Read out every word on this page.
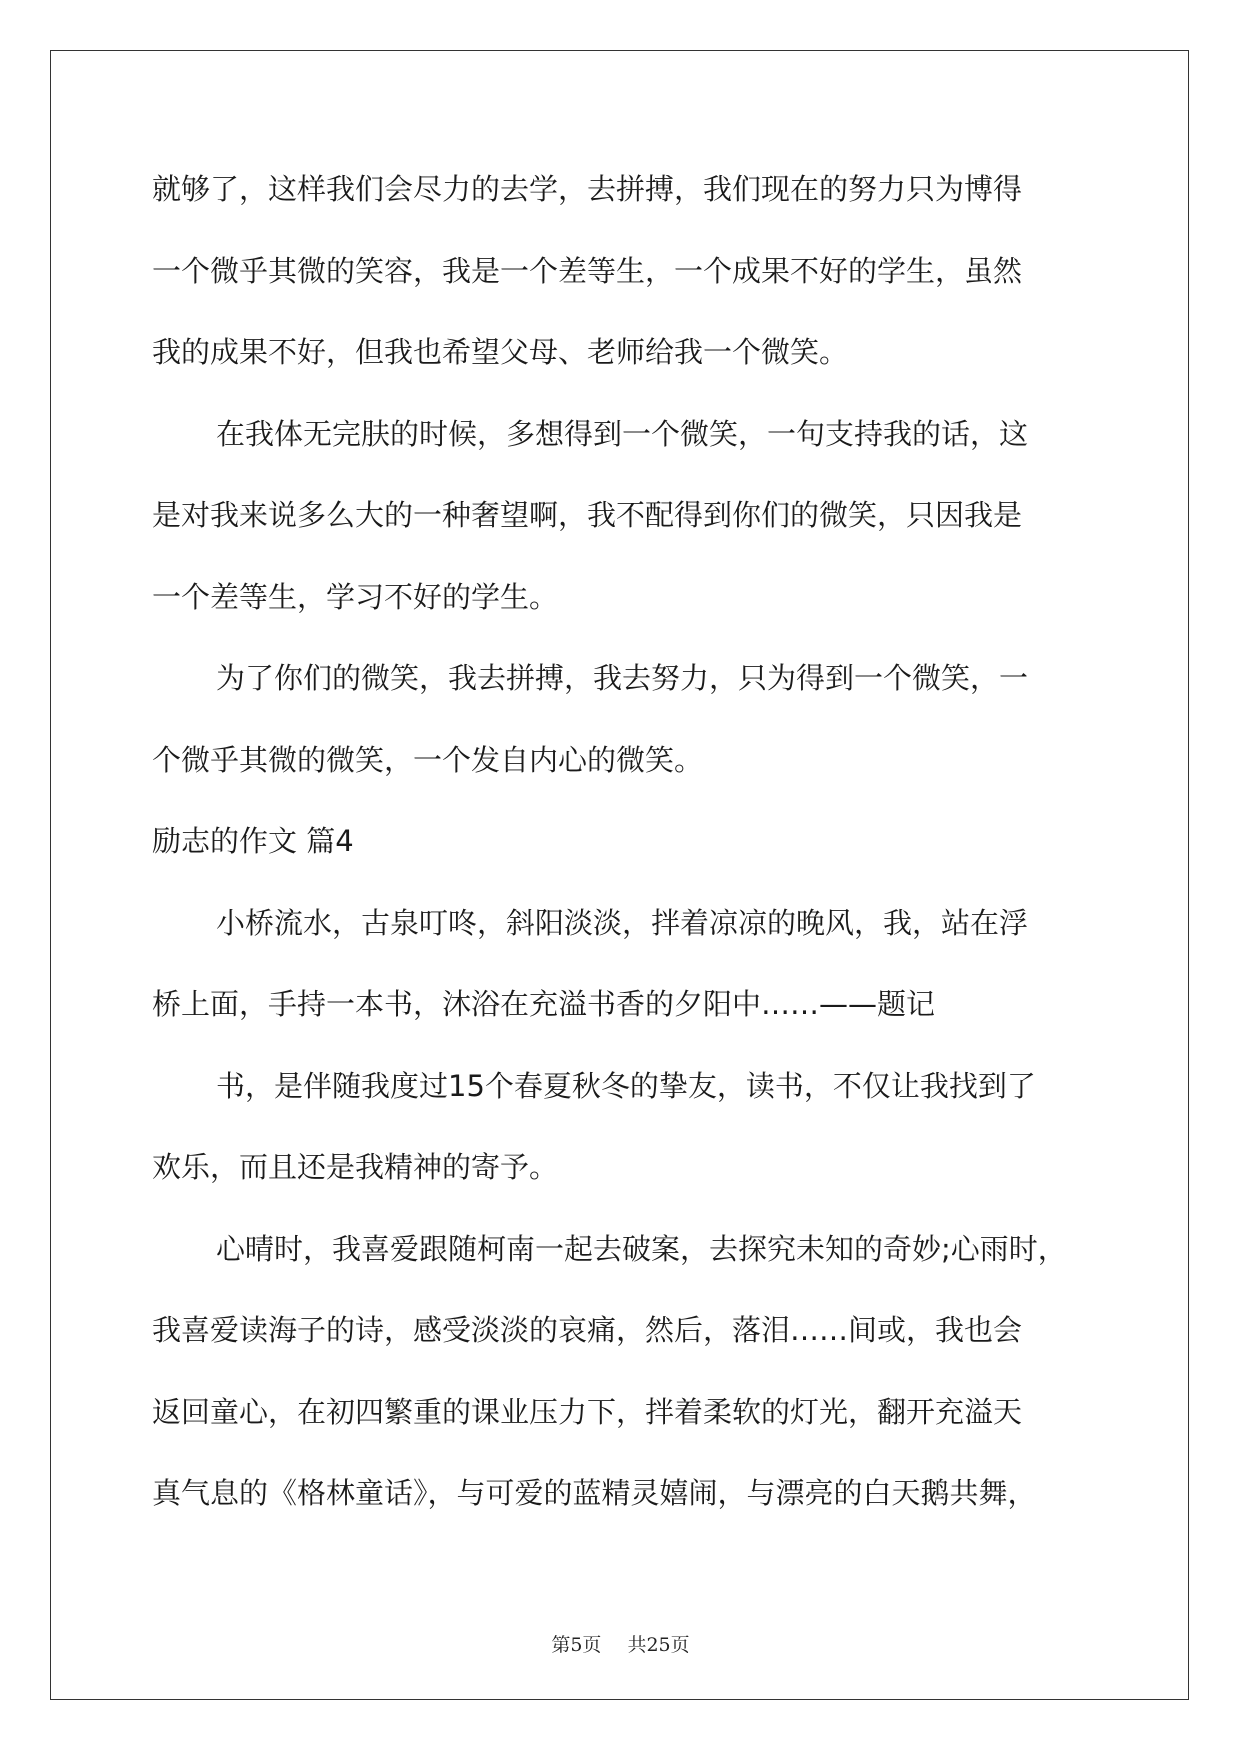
就够了，这样我们会尽力的去学，去拼搏，我们现在的努力只为博得
一个微乎其微的笑容，我是一个差等生，一个成果不好的学生，虽然
我的成果不好，但我也希望父母、老师给我一个微笑。
在我体无完肤的时候，多想得到一个微笑，一句支持我的话，这
是对我来说多么大的一种奢望啊，我不配得到你们的微笑，只因我是
一个差等生，学习不好的学生。
为了你们的微笑，我去拼搏，我去努力，只为得到一个微笑，一
个微乎其微的微笑，一个发自内心的微笑。
励志的作文 篇4
小桥流水，古泉叮咚，斜阳淡淡，拌着凉凉的晚风，我，站在浮
桥上面，手持一本书，沐浴在充溢书香的夕阳中……——题记
书，是伴随我度过15个春夏秋冬的挚友，读书，不仅让我找到了
欢乐，而且还是我精神的寄予。
心晴时，我喜爱跟随柯南一起去破案，去探究未知的奇妙;心雨时，
我喜爱读海子的诗，感受淡淡的哀痛，然后，落泪……间或，我也会
返回童心，在初四繁重的课业压力下，拌着柔软的灯光，翻开充溢天
真气息的《格林童话》，与可爱的蓝精灵嬉闹，与漂亮的白天鹅共舞，
第5页 共25页
